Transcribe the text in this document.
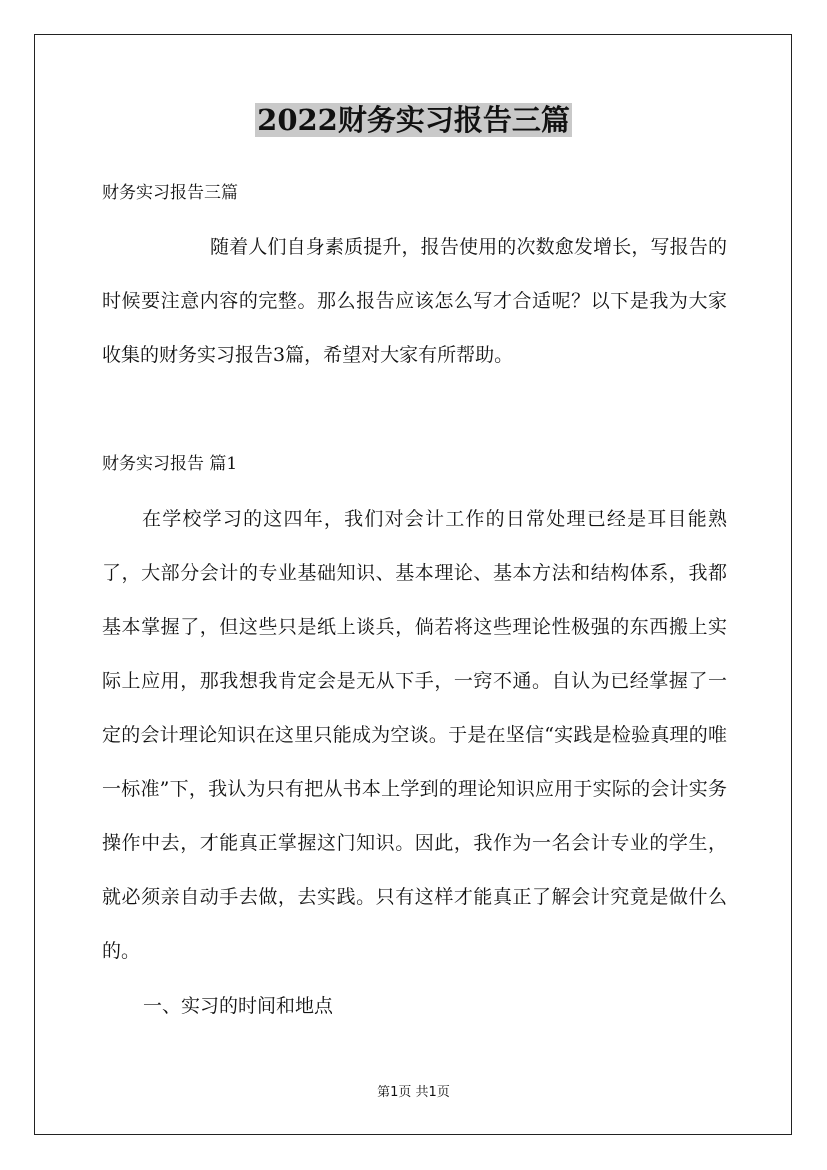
2022财务实习报告三篇
财务实习报告三篇

随着人们自身素质提升，报告使用的次数愈发增长，写报告的时候要注意内容的完整。那么报告应该怎么写才合适呢？以下是我为大家收集的财务实习报告3篇，希望对大家有所帮助。

财务实习报告 篇1

在学校学习的这四年，我们对会计工作的日常处理已经是耳目能熟了，大部分会计的专业基础知识、基本理论、基本方法和结构体系，我都基本掌握了，但这些只是纸上谈兵，倘若将这些理论性极强的东西搬上实际上应用，那我想我肯定会是无从下手，一窍不通。自认为已经掌握了一定的会计理论知识在这里只能成为空谈。于是在坚信“实践是检验真理的唯一标准”下，我认为只有把从书本上学到的理论知识应用于实际的会计实务操作中去，才能真正掌握这门知识。因此，我作为一名会计专业的学生，就必须亲自动手去做，去实践。只有这样才能真正了解会计究竟是做什么的。

一、实习的时间和地点
第1页 共1页
